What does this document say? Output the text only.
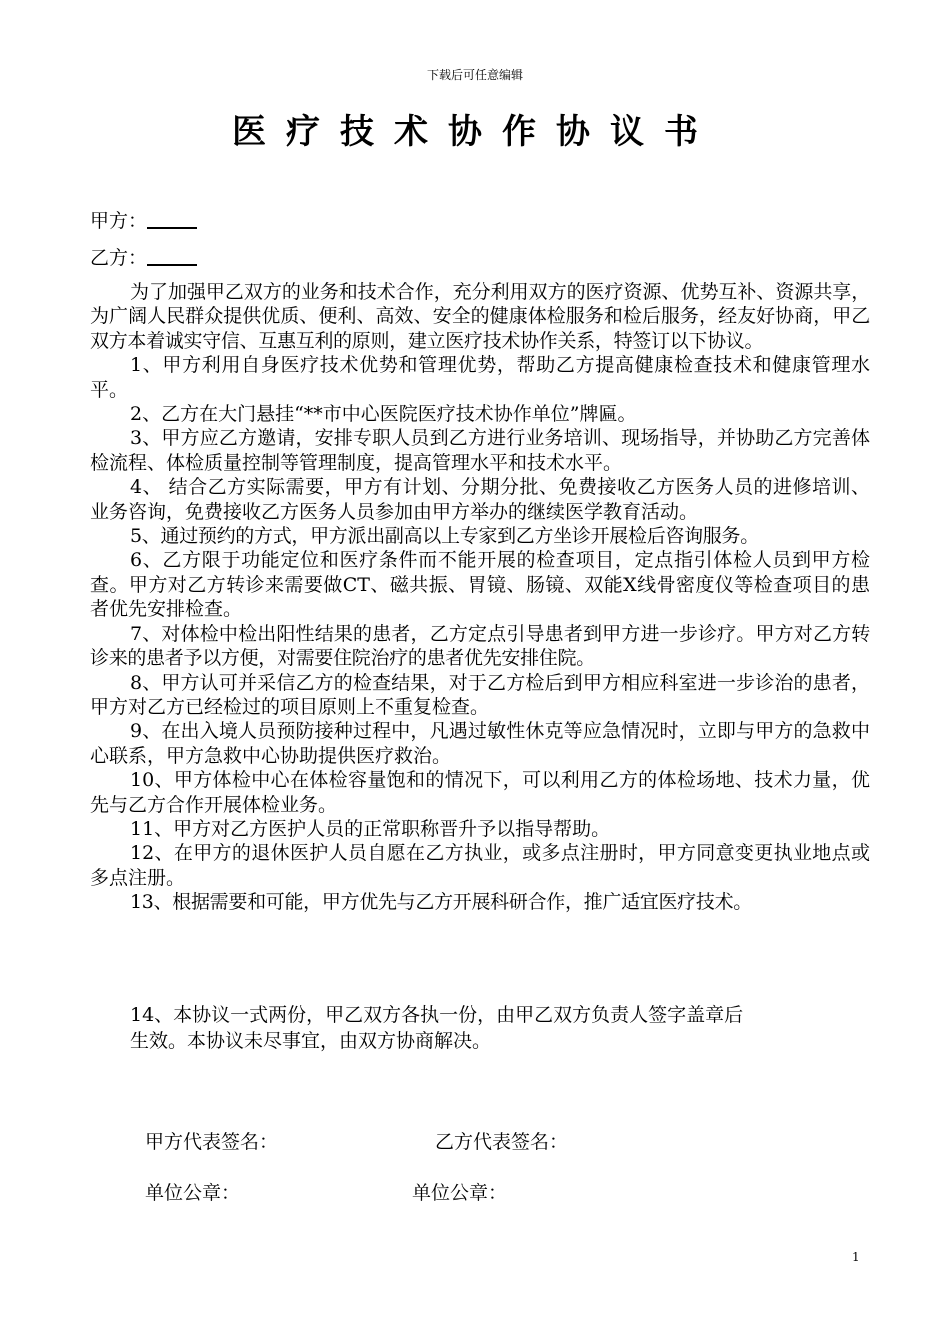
下载后可任意编辑
医疗技术协作协议书
甲方：
乙方：

为了加强甲乙双方的业务和技术合作，充分利用双方的医疗资源、优势互补、资源共享，为广阔人民群众提供优质、便利、高效、安全的健康体检服务和检后服务，经友好协商，甲乙双方本着诚实守信、互惠互利的原则，建立医疗技术协作关系，特签订以下协议。

1、甲方利用自身医疗技术优势和管理优势，帮助乙方提高健康检查技术和健康管理水平。

2、乙方在大门悬挂“**市中心医院医疗技术协作单位”牌匾。

3、甲方应乙方邀请，安排专职人员到乙方进行业务培训、现场指导，并协助乙方完善体检流程、体检质量控制等管理制度，提高管理水平和技术水平。

4、 结合乙方实际需要，甲方有计划、分期分批、免费接收乙方医务人员的进修培训、业务咨询，免费接收乙方医务人员参加由甲方举办的继续医学教育活动。

5、通过预约的方式，甲方派出副高以上专家到乙方坐诊开展检后咨询服务。

6、乙方限于功能定位和医疗条件而不能开展的检查项目，定点指引体检人员到甲方检查。甲方对乙方转诊来需要做CT、磁共振、胃镜、肠镜、双能X线骨密度仪等检查项目的患者优先安排检查。

7、对体检中检出阳性结果的患者，乙方定点引导患者到甲方进一步诊疗。甲方对乙方转诊来的患者予以方便，对需要住院治疗的患者优先安排住院。

8、甲方认可并采信乙方的检查结果，对于乙方检后到甲方相应科室进一步诊治的患者，甲方对乙方已经检过的项目原则上不重复检查。

9、在出入境人员预防接种过程中，凡遇过敏性休克等应急情况时，立即与甲方的急救中心联系，甲方急救中心协助提供医疗救治。

10、甲方体检中心在体检容量饱和的情况下，可以利用乙方的体检场地、技术力量，优先与乙方合作开展体检业务。

11、甲方对乙方医护人员的正常职称晋升予以指导帮助。

12、在甲方的退休医护人员自愿在乙方执业，或多点注册时，甲方同意变更执业地点或多点注册。

13、根据需要和可能，甲方优先与乙方开展科研合作，推广适宜医疗技术。

14、本协议一式两份，甲乙双方各执一份，由甲乙双方负责人签字盖章后

生效。本协议未尽事宜，由双方协商解决。

甲方代表签名：	乙方代表签名：
单位公章：	单位公章：
1
